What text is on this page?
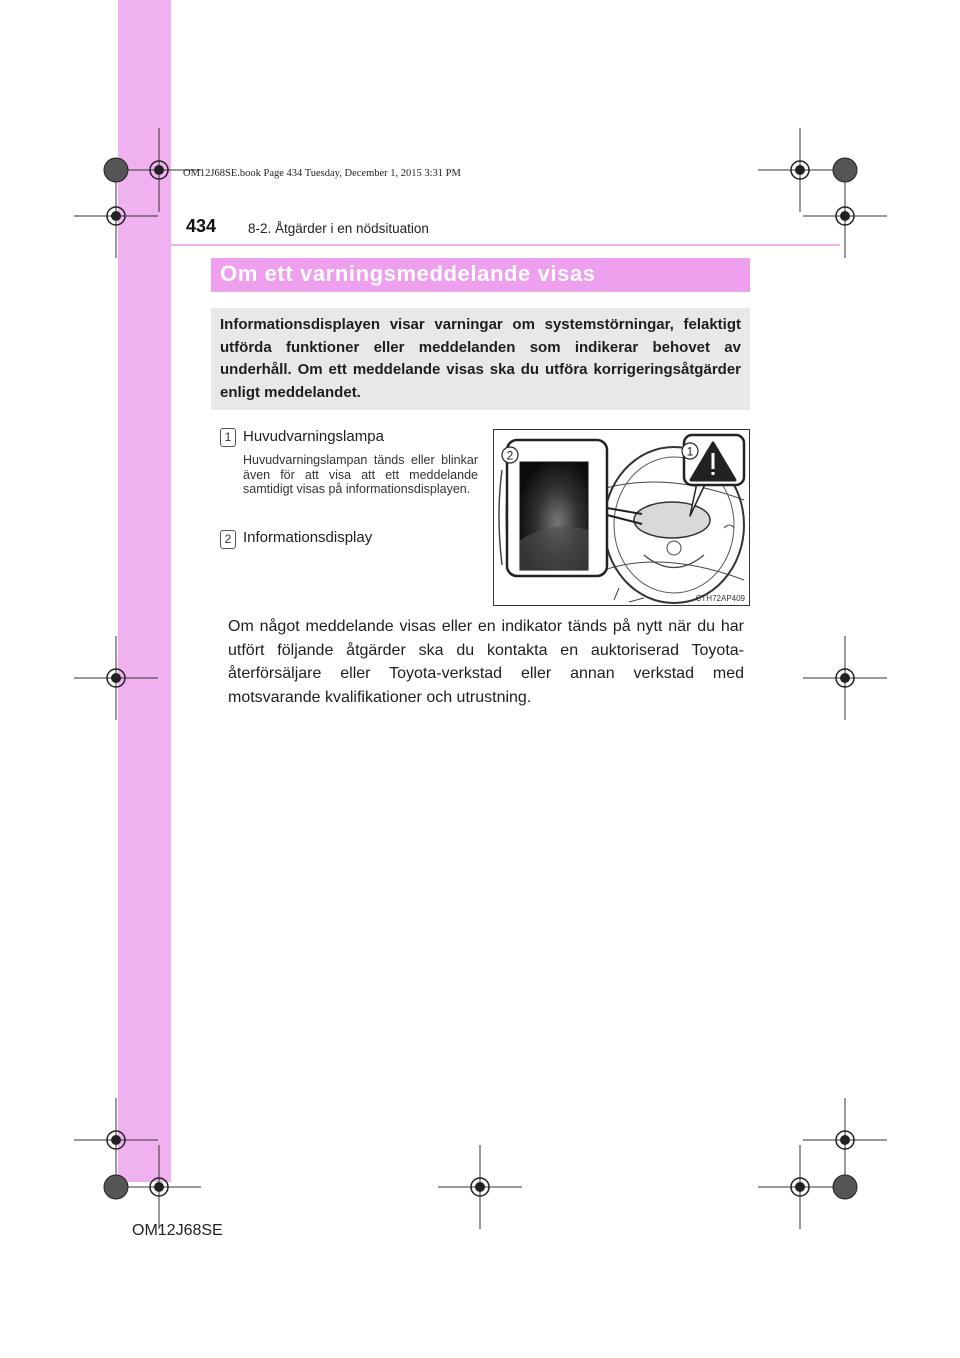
OM12J68SE.book Page 434 Tuesday, December 1, 2015 3:31 PM
434 8-2. Åtgärder i en nödsituation
Om ett varningsmeddelande visas
Informationsdisplayen visar varningar om systemstörningar, felaktigt utförda funktioner eller meddelanden som indikerar behovet av underhåll. Om ett meddelande visas ska du utföra korrigeringsåtgärder enligt meddelandet.
1 Huvudvarningslampa
Huvudvarningslampan tänds eller blinkar även för att visa att ett meddelande samtidigt visas på informationsdisplayen.
2 Informationsdisplay
2	1
CTH72AP409
Om något meddelande visas eller en indikator tänds på nytt när du har utfört följande åtgärder ska du kontakta en auktoriserad Toyota-återförsäljare eller Toyota-verkstad eller annan verkstad med motsvarande kvalifikationer och utrustning.
OM12J68SE
